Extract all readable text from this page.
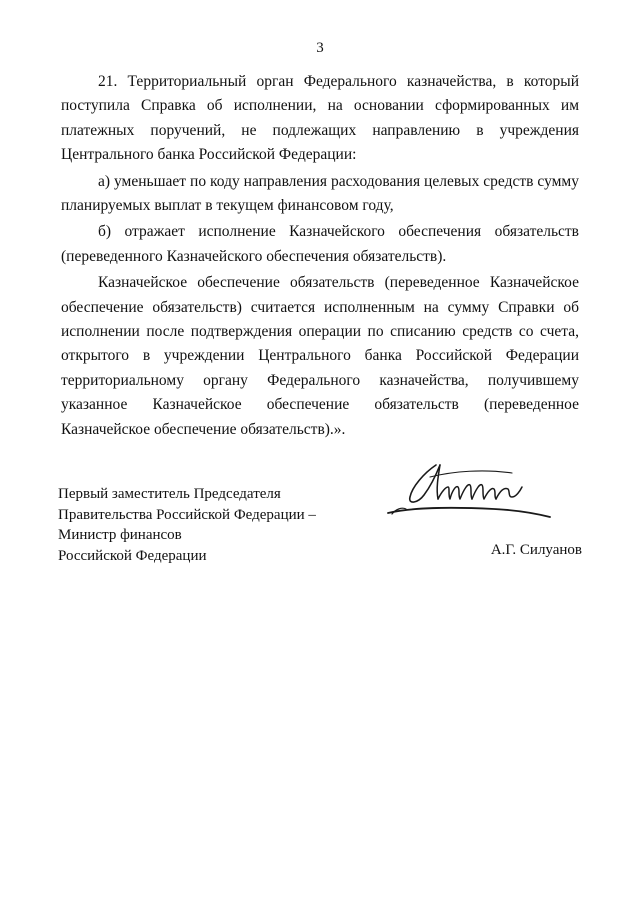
3

21. Территориальный орган Федерального казначейства, в который поступила Справка об исполнении, на основании сформированных им платежных поручений, не подлежащих направлению в учреждения Центрального банка Российской Федерации:

а) уменьшает по коду направления расходования целевых средств сумму планируемых выплат в текущем финансовом году,

б) отражает исполнение Казначейского обеспечения обязательств (переведенного Казначейского обеспечения обязательств).

Казначейское обеспечение обязательств (переведенное Казначейское обеспечение обязательств) считается исполненным на сумму Справки об исполнении после подтверждения операции по списанию средств со счета, открытого в учреждении Центрального банка Российской Федерации территориальному органу Федерального казначейства, получившему указанное Казначейское обеспечение обязательств (переведенное Казначейское обеспечение обязательств).».

Первый заместитель Председателя
Правительства Российской Федерации –
Министр финансов
Российской Федерации	А.Г. Силуанов
